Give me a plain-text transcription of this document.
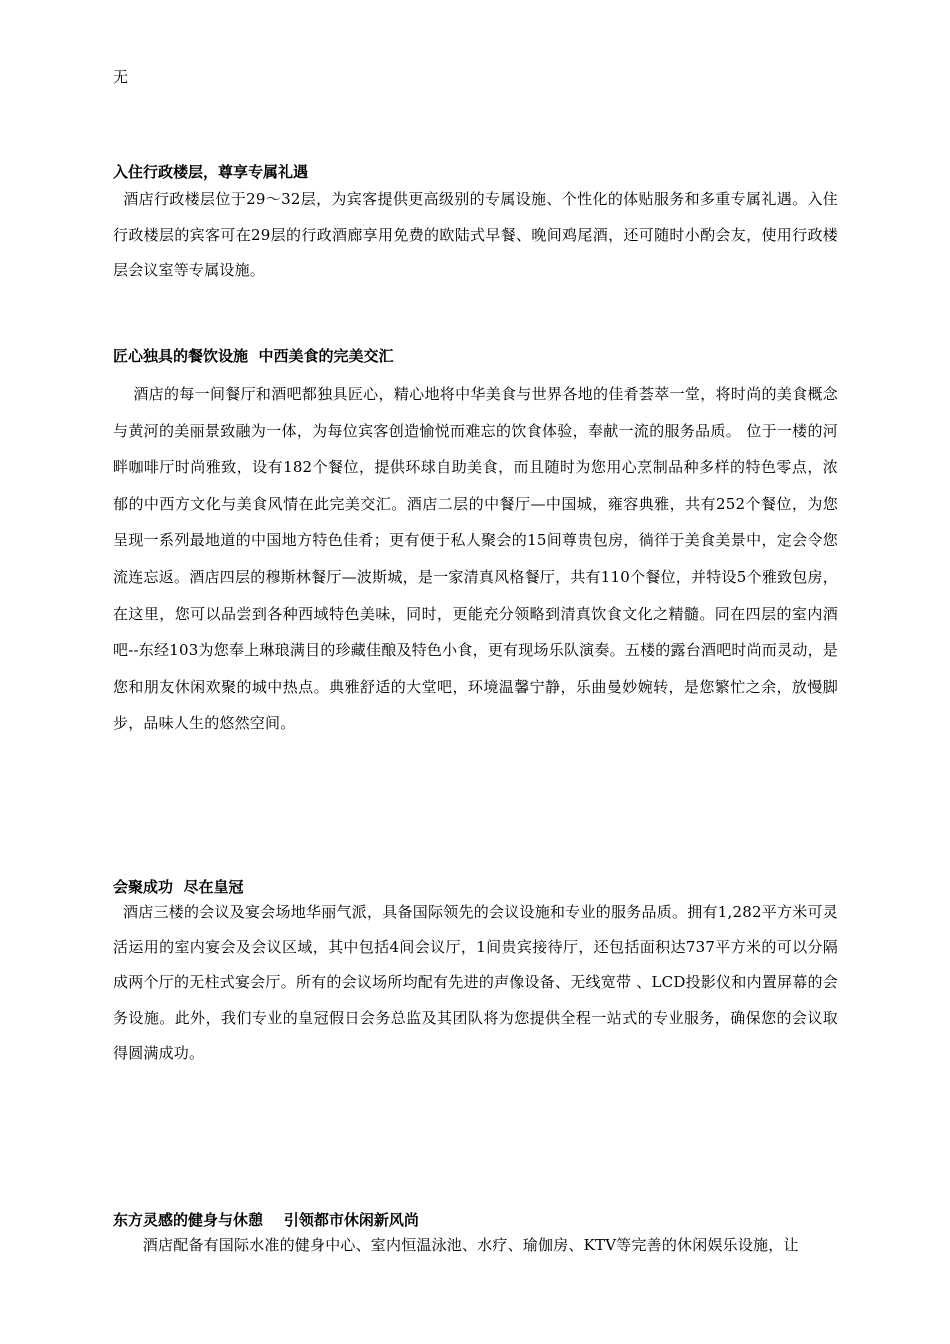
无

入住行政楼层，尊享专属礼遇

酒店行政楼层位于29～32层，为宾客提供更高级别的专属设施、个性化的体贴服务和多重专属礼遇。入住行政楼层的宾客可在29层的行政酒廊享用免费的欧陆式早餐、晚间鸡尾酒，还可随时小酌会友，使用行政楼层会议室等专属设施。

匠心独具的餐饮设施  中西美食的完美交汇

酒店的每一间餐厅和酒吧都独具匠心，精心地将中华美食与世界各地的佳肴荟萃一堂，将时尚的美食概念与黄河的美丽景致融为一体，为每位宾客创造愉悦而难忘的饮食体验，奉献一流的服务品质。 位于一楼的河畔咖啡厅时尚雅致，设有182个餐位，提供环球自助美食，而且随时为您用心烹制品种多样的特色零点，浓郁的中西方文化与美食风情在此完美交汇。酒店二层的中餐厅—中国城，雍容典雅，共有252个餐位，为您呈现一系列最地道的中国地方特色佳肴；更有便于私人聚会的15间尊贵包房，徜徉于美食美景中，定会令您流连忘返。酒店四层的穆斯林餐厅—波斯城，是一家清真风格餐厅，共有110个餐位，并特设5个雅致包房，在这里，您可以品尝到各种西域特色美味，同时，更能充分领略到清真饮食文化之精髓。同在四层的室内酒吧--东经103为您奉上琳琅满目的珍藏佳酿及特色小食，更有现场乐队演奏。五楼的露台酒吧时尚而灵动，是您和朋友休闲欢聚的城中热点。典雅舒适的大堂吧，环境温馨宁静，乐曲曼妙婉转，是您繁忙之余，放慢脚步，品味人生的悠然空间。

会聚成功  尽在皇冠

酒店三楼的会议及宴会场地华丽气派，具备国际领先的会议设施和专业的服务品质。拥有1,282平方米可灵活运用的室内宴会及会议区域，其中包括4间会议厅，1间贵宾接待厅，还包括面积达737平方米的可以分隔成两个厅的无柱式宴会厅。所有的会议场所均配有先进的声像设备、无线宽带 、LCD投影仪和内置屏幕的会务设施。此外，我们专业的皇冠假日会务总监及其团队将为您提供全程一站式的专业服务，确保您的会议取得圆满成功。

东方灵感的健身与休憩    引领都市休闲新风尚

酒店配备有国际水准的健身中心、室内恒温泳池、水疗、瑜伽房、KTV等完善的休闲娱乐设施，让
